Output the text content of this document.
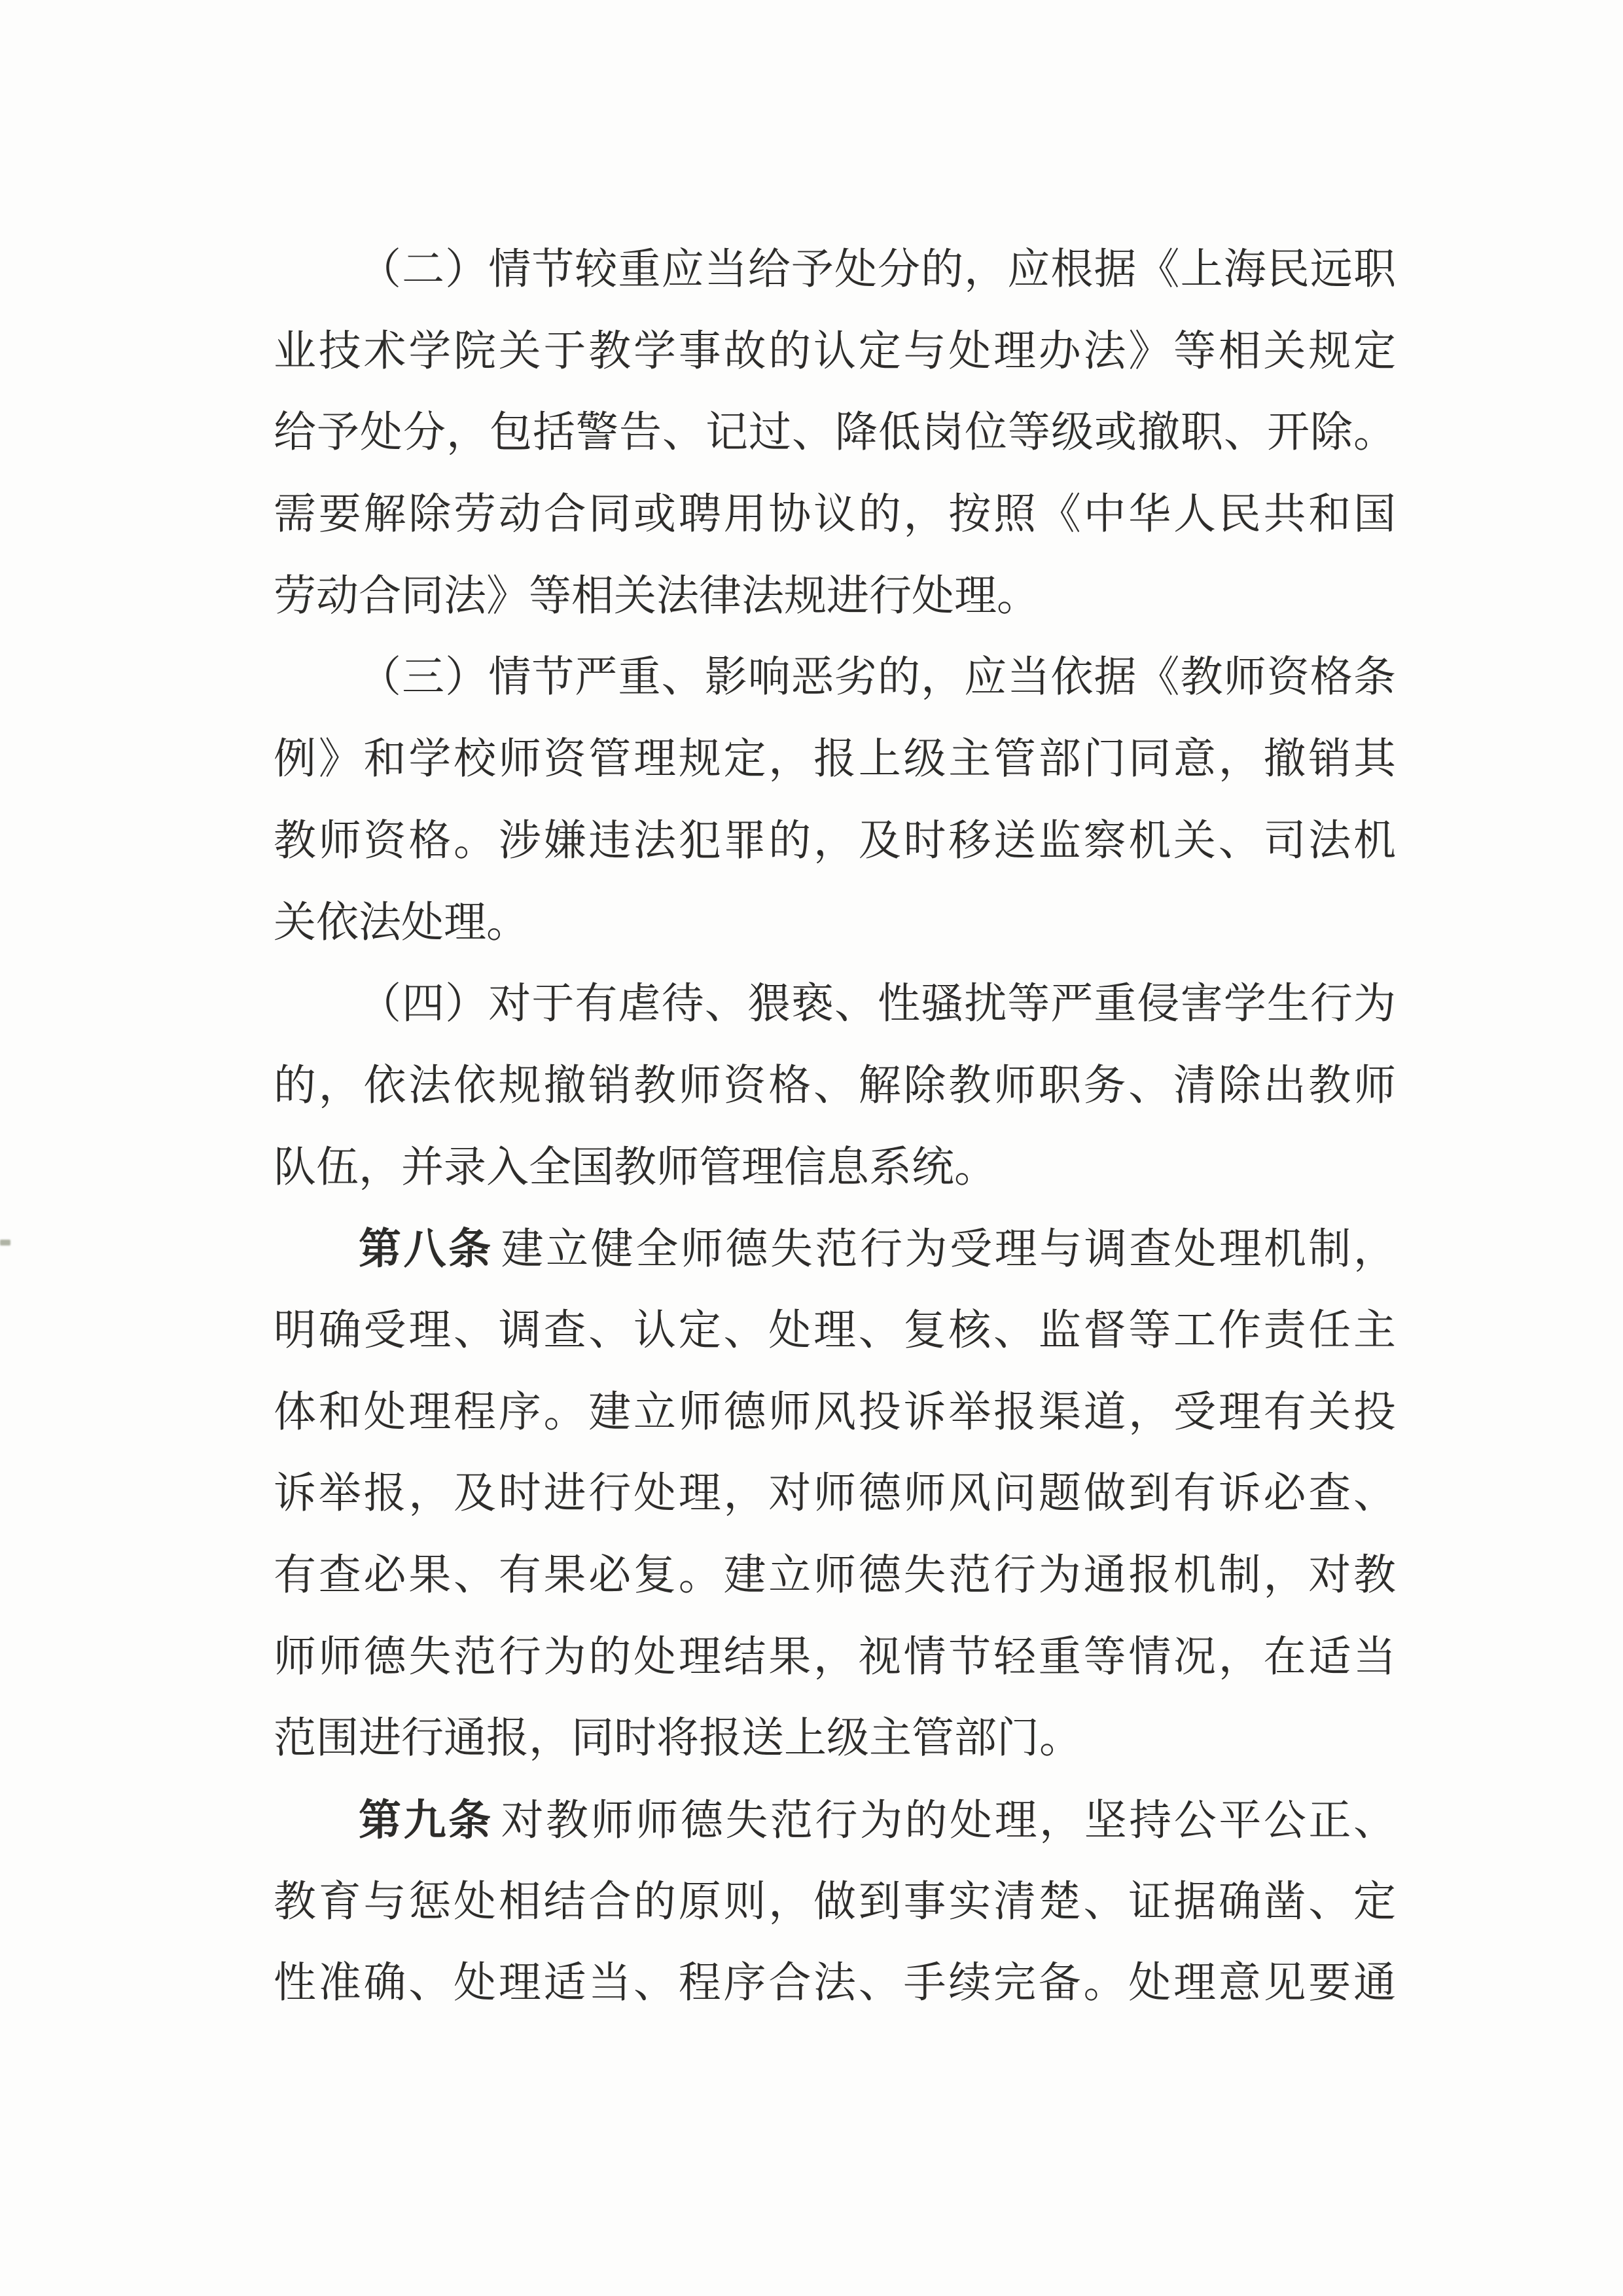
（二）情节较重应当给予处分的，应根据《上海民远职
业技术学院关于教学事故的认定与处理办法》等相关规定
给予处分，包括警告、记过、降低岗位等级或撤职、开除。
需要解除劳动合同或聘用协议的，按照《中华人民共和国
劳动合同法》等相关法律法规进行处理。
（三）情节严重、影响恶劣的，应当依据《教师资格条
例》和学校师资管理规定，报上级主管部门同意，撤销其
教师资格。涉嫌违法犯罪的，及时移送监察机关、司法机
关依法处理。
（四）对于有虐待、猥亵、性骚扰等严重侵害学生行为
的，依法依规撤销教师资格、解除教师职务、清除出教师
队伍，并录入全国教师管理信息系统。
第八条 建立健全师德失范行为受理与调查处理机制，
明确受理、调查、认定、处理、复核、监督等工作责任主
体和处理程序。建立师德师风投诉举报渠道，受理有关投
诉举报，及时进行处理，对师德师风问题做到有诉必查、
有查必果、有果必复。建立师德失范行为通报机制，对教
师师德失范行为的处理结果，视情节轻重等情况，在适当
范围进行通报，同时将报送上级主管部门。
第九条 对教师师德失范行为的处理，坚持公平公正、
教育与惩处相结合的原则，做到事实清楚、证据确凿、定
性准确、处理适当、程序合法、手续完备。处理意见要通
